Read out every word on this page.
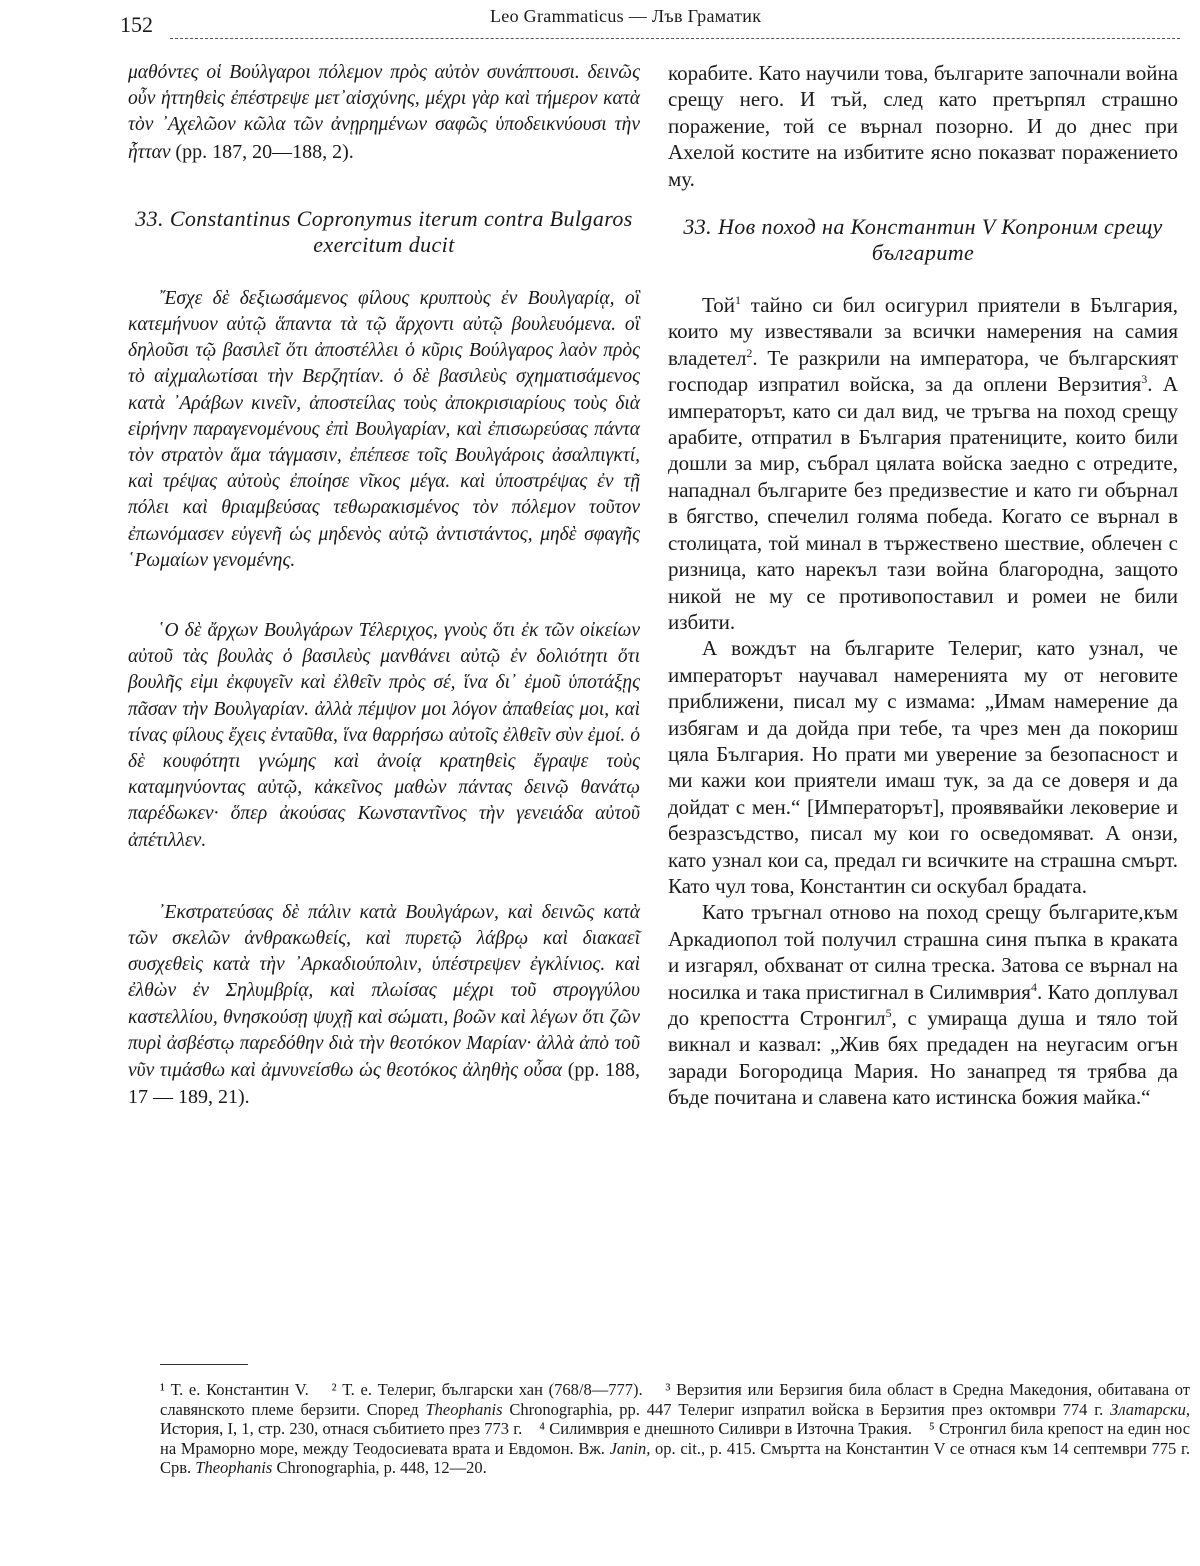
152	Leo Grammaticus — Лъв Граматик

μαθόντες οἱ Βούλγαροι πόλεμον πρὸς αὐτὸν συνάπτουσι. δεινῶς οὖν ἡττηθεὶς ἐπέστρεψε μετ᾿αἰσχύνης, μέχρι γὰρ καὶ τήμερον κατὰ τὸν ᾿Αχελῶον κῶλα τῶν ἀνῃρημένων σαφῶς ὑποδεικνύουσι τὴν ἧτταν (pp. 187, 20—188, 2).

33. Constantinus Copronymus iterum contra Bulgaros exercitum ducit

῎Εσχε δὲ δεξιωσάμενος φίλους κρυπτοὺς ἐν Βουλγαρίᾳ, οἳ κατεμήνυον αὐτῷ ἅπαντα τὰ τῷ ἄρχοντι αὐτῷ βουλευόμενα. οἳ δηλοῦσι τῷ βασιλεῖ ὅτι ἀποστέλλει ὁ κῦρις Βούλγαρος λαὸν πρὸς τὸ αἰχμαλωτίσαι τὴν Βερζητίαν. ὁ δὲ βασιλεὺς σχηματισάμενος κατὰ ᾿Αράβων κινεῖν, ἀποστείλας τοὺς ἀποκρισιαρίους τοὺς διὰ εἰρήνην παραγενομένους ἐπὶ Βουλγαρίαν, καὶ ἐπισωρεύσας πάντα τὸν στρατὸν ἅμα τάγμασιν, ἐπέπεσε τοῖς Βουλγάροις ἀσαλπιγκτί, καὶ τρέψας αὐτοὺς ἐποίησε νῖκος μέγα. καὶ ὑποστρέψας ἐν τῇ πόλει καὶ θριαμβεύσας τεθωρακισμένος τὸν πόλεμον τοῦτον ἐπωνόμασεν εὐγενῆ ὡς μηδενὸς αὐτῷ ἀντιστάντος, μηδὲ σφαγῆς ῾Ρωμαίων γενομένης.

῾Ο δὲ ἄρχων Βουλγάρων Τέλεριχος, γνοὺς ὅτι ἐκ τῶν οἰκείων αὐτοῦ τὰς βουλὰς ὁ βασιλεὺς μανθάνει αὐτῷ ἐν δολιότητι ὅτι βουλῆς εἰμι ἐκφυγεῖν καὶ ἐλθεῖν πρὸς σέ, ἵνα δι᾿ ἐμοῦ ὑποτάξῃς πᾶσαν τὴν Βουλγαρίαν. ἀλλὰ πέμψον μοι λόγον ἀπαθείας μοι, καὶ τίνας φίλους ἔχεις ἐνταῦθα, ἵνα θαρρήσω αὐτοῖς ἐλθεῖν σὺν ἐμοί. ὁ δὲ κουφότητι γνώμης καὶ ἀνοίᾳ κρατηθεὶς ἔγραψε τοὺς καταμηνύοντας αὐτῷ, κἀκεῖνος μαθὼν πάντας δεινῷ θανάτῳ παρέδωκεν· ὅπερ ἀκούσας Κωνσταντῖνος τὴν γενειάδα αὐτοῦ ἀπέτιλλεν.

᾿Εκστρατεύσας δὲ πάλιν κατὰ Βουλγάρων, καὶ δεινῶς κατὰ τῶν σκελῶν ἀνθρακωθείς, καὶ πυρετῷ λάβρῳ καὶ διακαεῖ συσχεθεὶς κατὰ τὴν ᾿Αρκαδιούπολιν, ὑπέστρεψεν ἐγκλίνιος. καὶ ἐλθὼν ἐν Σηλυμβρίᾳ, καὶ πλωίσας μέχρι τοῦ στρογγύλου καστελλίου, θνησκούσῃ ψυχῇ καὶ σώματι, βοῶν καὶ λέγων ὅτι ζῶν πυρὶ ἀσβέστῳ παρεδόθην διὰ τὴν θεοτόκον Μαρίαν· ἀλλὰ ἀπὸ τοῦ νῦν τιμάσθω καὶ ἀμνυνείσθω ὡς θεοτόκος ἀληθὴς οὖσα (pp. 188, 17 — 189, 21).

корабите. Като научили това, българите започнали война срещу него. И тъй, след като претърпял страшно поражение, той се върнал позорно. И до днес при Ахелой костите на избитите ясно показват поражението му.

33. Нов поход на Константин V Копроним срещу българите

Той$^1$ тайно си бил осигурил приятели в България, които му известявали за всички намерения на самия владетел$^2$. Те разкрили на императора, че българският господар изпратил войска, за да оплени Верзития$^3$. А императорът, като си дал вид, че тръгва на поход срещу арабите, отпратил в България пратениците, които били дошли за мир, събрал цялата войска заедно с отредите, нападнал българите без предизвестие и като ги обърнал в бягство, спечелил голяма победа. Когато се върнал в столицата, той минал в тържествено шествие, облечен с ризница, като нарекъл тази война благородна, защото никой не му се противопоставил и ромеи не били избити.

А вождът на българите Телериг, като узнал, че императорът научавал намеренията му от неговите приближени, писал му с измама: „Имам намерение да избягам и да дойда при тебе, та чрез мен да покориш цяла България. Но прати ми уверение за безопасност и ми кажи кои приятели имаш тук, за да се доверя и да дойдат с мен.“ [Императорът], проявявайки лековерие и безразсъдство, писал му кои го осведомяват. А онзи, като узнал кои са, предал ги всичките на страшна смърт. Като чул това, Константин си оскубал брадата.

Като тръгнал отново на поход срещу българите,към Аркадиопол той получил страшна синя пъпка в краката и изгарял, обхванат от силна треска. Затова се върнал на носилка и така пристигнал в Силимврия$^4$. Като доплувал до крепостта Стронгил$^5$, с умираща душа и тяло той викнал и казвал: „Жив бях предаден на неугасим огън заради Богородица Мария. Но занапред тя трябва да бъде почитана и славена като истинска божия майка.“

¹ Т. е. Константин V. ² Т. е. Телериг, български хан (768/8—777). ³ Верзития или Берзигия била област в Средна Македония, обитавана от славянското племе берзити. Според Theophanis Chronographia, pp. 447 Телериг изпратил войска в Берзития през октомври 774 г. Златарски, История, I, 1, стр. 230, отнася събитието през 773 г. ⁴ Силимврия е днешното Силиври в Източна Тракия. ⁵ Стронгил била крепост на един нос на Мраморно море, между Теодосиевата врата и Евдомон. Вж. Janin, op. cit., p. 415. Смъртта на Константин V се отнася към 14 септември 775 г. Срв. Theophanis Chronographia, p. 448, 12—20.
